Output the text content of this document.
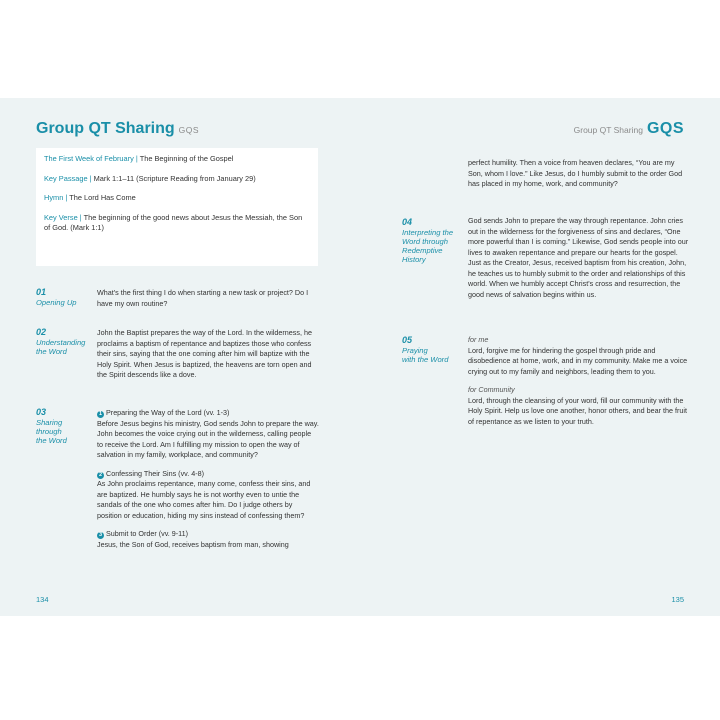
Group QT Sharing GQS
The First Week of February | The Beginning of the Gospel
Key Passage | Mark 1:1–11 (Scripture Reading from January 29)
Hymn | The Lord Has Come
Key Verse | The beginning of the good news about Jesus the Messiah, the Son of God. (Mark 1:1)
01
Opening Up
What's the first thing I do when starting a new task or project? Do I have my own routine?
02
Understanding
the Word
John the Baptist prepares the way of the Lord. In the wilderness, he proclaims a baptism of repentance and baptizes those who confess their sins, saying that the one coming after him will baptize with the Holy Spirit. When Jesus is baptized, the heavens are torn open and the Spirit descends like a dove.
03
Sharing
through
the Word
1 Preparing the Way of the Lord (vv. 1-3)
Before Jesus begins his ministry, God sends John to prepare the way. John becomes the voice crying out in the wilderness, calling people to receive the Lord. Am I fulfilling my mission to open the way of salvation in my family, workplace, and community?
2 Confessing Their Sins (vv. 4-8)
As John proclaims repentance, many come, confess their sins, and are baptized. He humbly says he is not worthy even to untie the sandals of the one who comes after him. Do I judge others by position or education, hiding my sins instead of confessing them?
3 Submit to Order (vv. 9-11)
Jesus, the Son of God, receives baptism from man, showing
134
Group QT Sharing GQS
perfect humility. Then a voice from heaven declares, “You are my Son, whom I love.” Like Jesus, do I humbly submit to the order God has placed in my home, work, and community?
04
Interpreting the
Word through
Redemptive
History
God sends John to prepare the way through repentance. John cries out in the wilderness for the forgiveness of sins and declares, “One more powerful than I is coming.” Likewise, God sends people into our lives to awaken repentance and prepare our hearts for the gospel. Just as the Creator, Jesus, received baptism from his creation, John, he teaches us to humbly submit to the order and relationships of this world. When we humbly accept Christ's cross and resurrection, the good news of salvation begins within us.
05
Praying
with the Word
for me
Lord, forgive me for hindering the gospel through pride and disobedience at home, work, and in my community. Make me a voice crying out to my family and neighbors, leading them to you.
for Community
Lord, through the cleansing of your word, fill our community with the Holy Spirit. Help us love one another, honor others, and bear the fruit of repentance as we listen to your truth.
135
